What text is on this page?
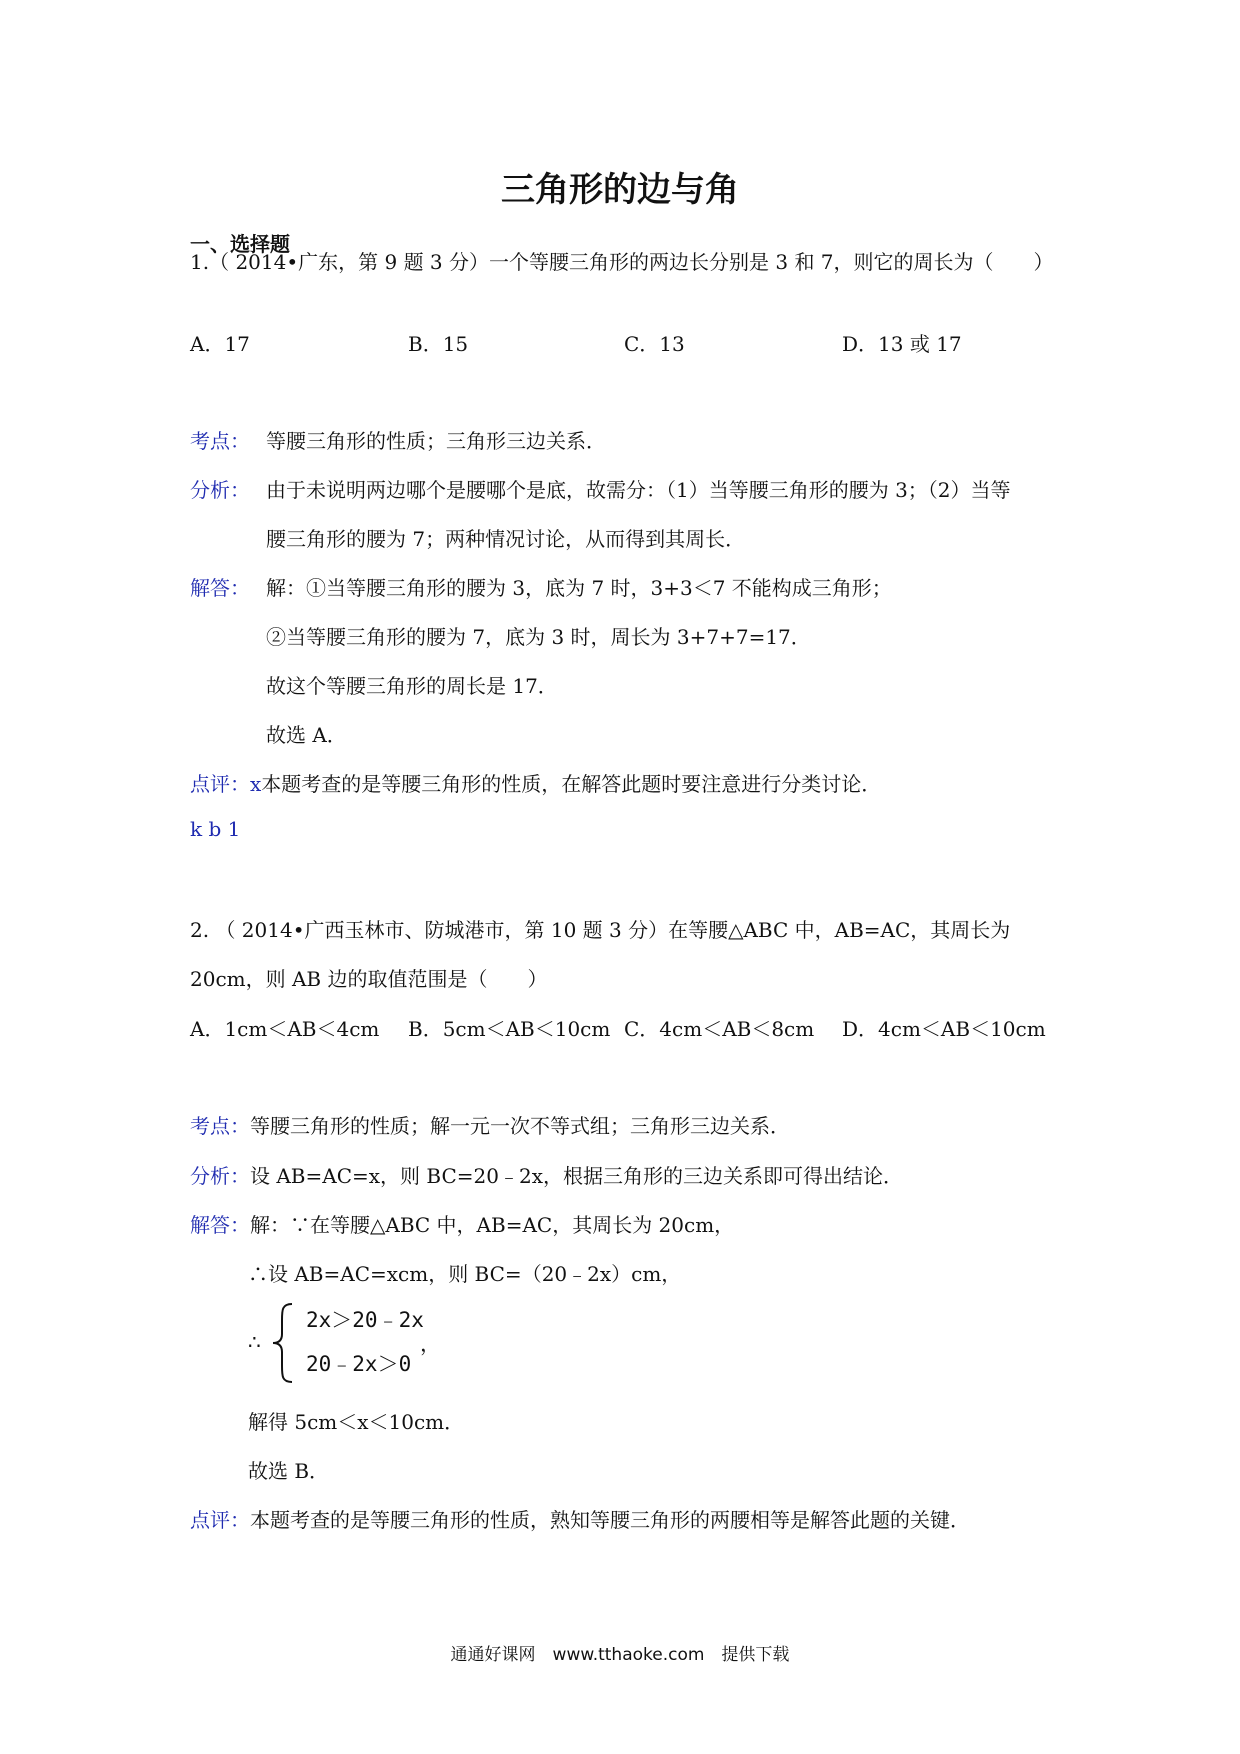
三角形的边与角
一、选择题
1.（ 2014•广东，第 9 题 3 分）一个等腰三角形的两边长分别是 3 和 7，则它的周长为（　　）
A．17	B．15	C．13	D．13 或 17
考点： 等腰三角形的性质；三角形三边关系．
分析： 由于未说明两边哪个是腰哪个是底，故需分：（1）当等腰三角形的腰为 3；（2）当等
腰三角形的腰为 7；两种情况讨论，从而得到其周长．
解答： 解：①当等腰三角形的腰为 3，底为 7 时，3+3＜7 不能构成三角形；
②当等腰三角形的腰为 7，底为 3 时，周长为 3+7+7=17．
故这个等腰三角形的周长是 17．
故选 A．
点评：x本题考查的是等腰三角形的性质，在解答此题时要注意进行分类讨论．
k b 1
2. （ 2014•广西玉林市、防城港市，第 10 题 3 分）在等腰△ABC 中，AB=AC，其周长为
20cm，则 AB 边的取值范围是（　　）
A．1cm＜AB＜4cm B．5cm＜AB＜10cm C．4cm＜AB＜8cm D．4cm＜AB＜10cm
考点：等腰三角形的性质；解一元一次不等式组；三角形三边关系．
分析：设 AB=AC=x，则 BC=20﹣2x，根据三角形的三边关系即可得出结论．
解答：解：∵在等腰△ABC 中，AB=AC，其周长为 20cm，
∴设 AB=AC=xcm，则 BC=（20﹣2x）cm，
∴
2x＞20﹣2x
20﹣2x＞0
，
解得 5cm＜x＜10cm．
故选 B．
点评：本题考查的是等腰三角形的性质，熟知等腰三角形的两腰相等是解答此题的关键．
通通好课网　www.tthaoke.com　提供下载
